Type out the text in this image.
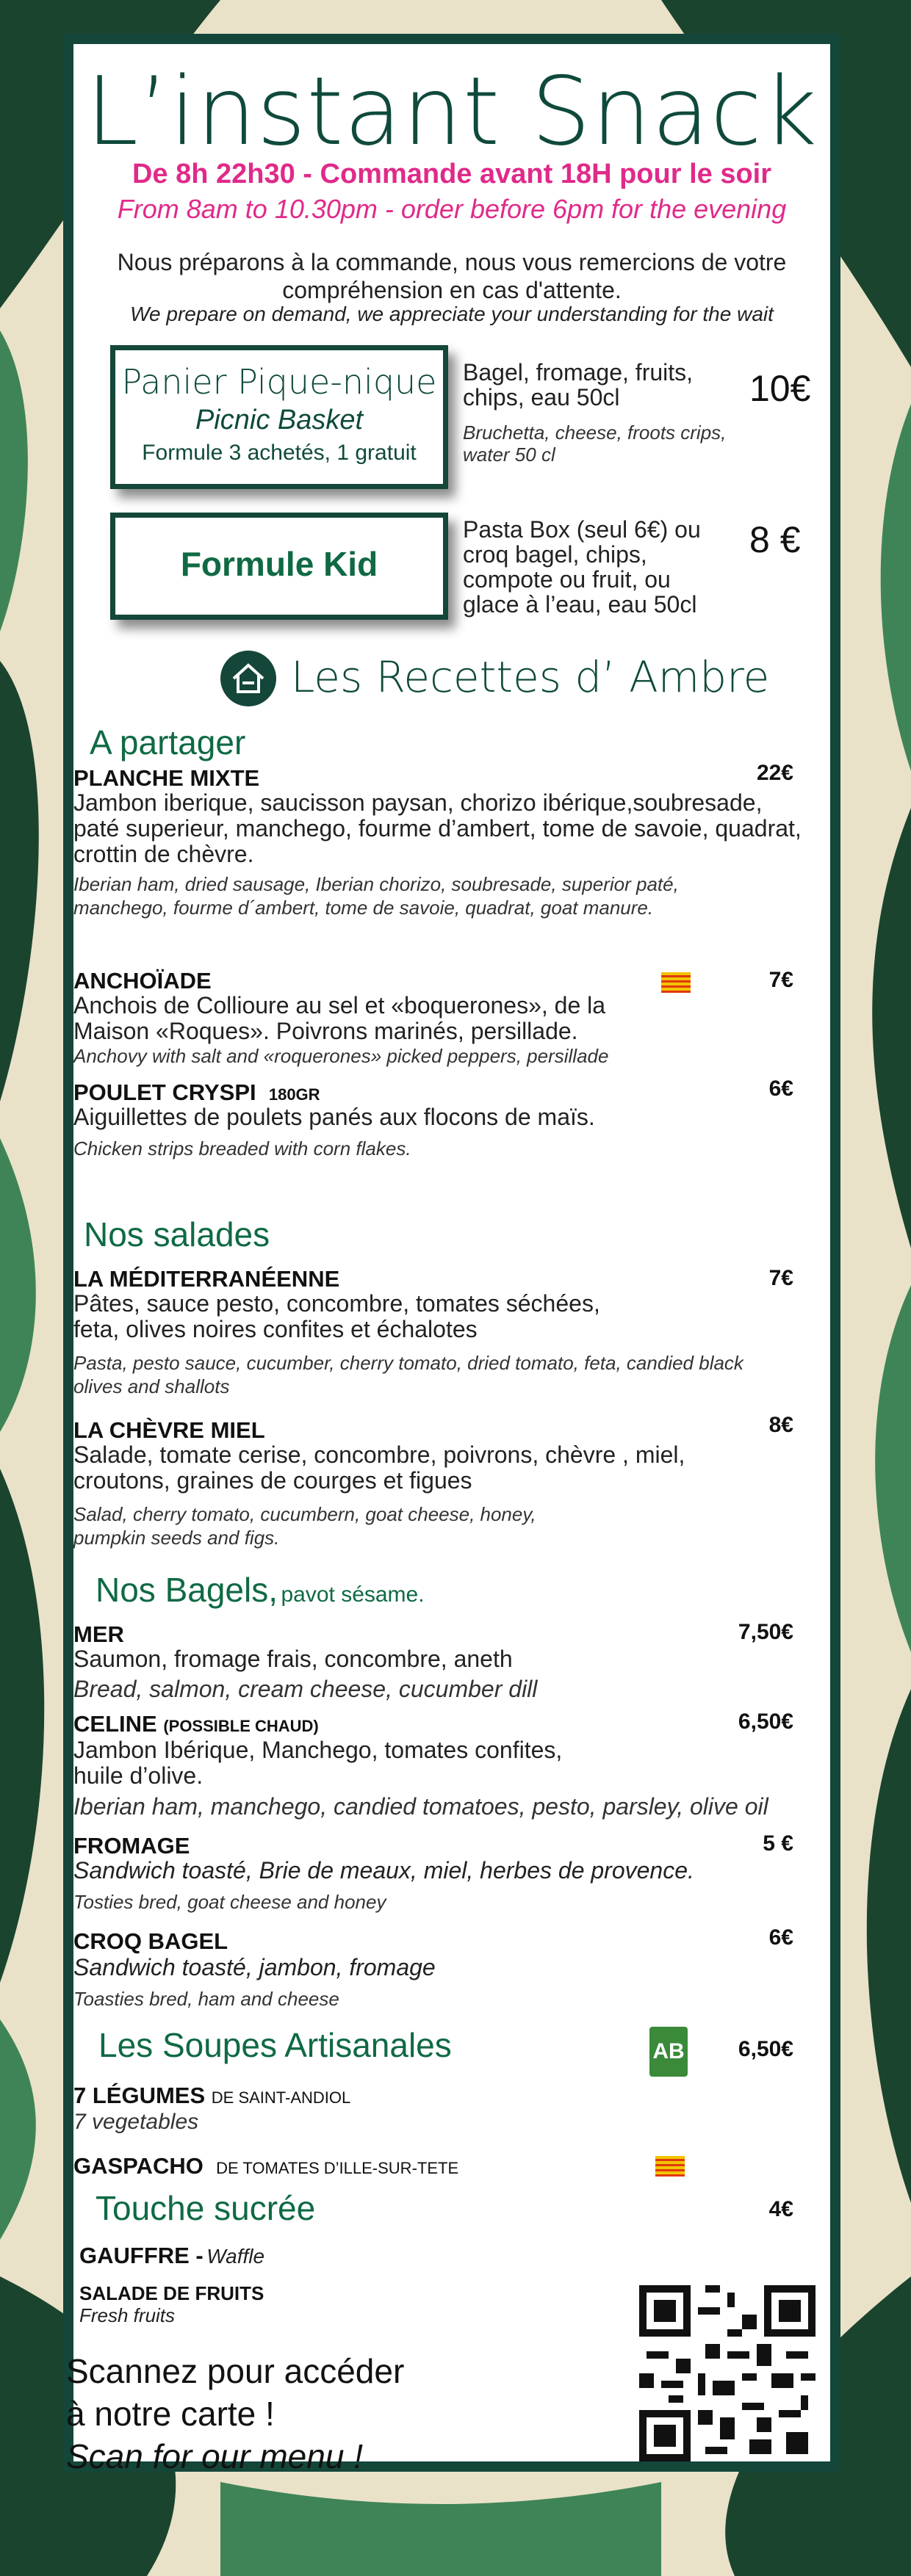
L’instant Snack
De 8h 22h30 - Commande avant 18H pour le soir
From 8am to 10.30pm - order before 6pm for the evening
Nous préparons à la commande, nous vous remercions de votre compréhension en cas d'attente.
We prepare on demand, we appreciate your understanding for the wait
Panier Pique-nique
Picnic Basket
Formule 3 achetés, 1 gratuit
Bagel, fromage, fruits, chips, eau 50cl
Bruchetta, cheese, froots crips, water 50 cl
10€
Formule Kid
Pasta Box (seul 6€) ou croq bagel, chips, compote ou fruit, ou glace à l’eau, eau 50cl
8 €
Les Recettes d’ Ambre
A partager
PLANCHE MIXTE	22€
Jambon iberique, saucisson paysan, chorizo ibérique,soubresade, paté superieur, manchego, fourme d’ambert, tome de savoie, quadrat, crottin de chèvre.
Iberian ham, dried sausage, Iberian chorizo, soubresade, superior paté, manchego, fourme d´ambert, tome de savoie, quadrat, goat manure.
ANCHOÏADE	7€
Anchois de Collioure au sel et «boquerones», de la Maison «Roques». Poivrons marinés, persillade.
Anchovy with salt and «roquerones» picked peppers, persillade
POULET CRYSPI 180GR	6€
Aiguillettes de poulets panés aux flocons de maïs.
Chicken strips breaded with corn flakes.
Nos salades
LA MÉDITERRANÉENNE	7€
Pâtes, sauce pesto, concombre, tomates séchées, feta, olives noires confites et échalotes
Pasta, pesto sauce, cucumber, cherry tomato, dried tomato, feta, candied black olives and shallots
LA CHÈVRE MIEL	8€
Salade, tomate cerise, concombre, poivrons, chèvre , miel, croutons, graines de courges et figues
Salad, cherry tomato, cucumbern, goat cheese, honey, pumpkin seeds and figs.
Nos Bagels, pavot sésame.
MER	7,50€
Saumon, fromage frais, concombre, aneth
Bread, salmon, cream cheese, cucumber dill
CELINE (POSSIBLE CHAUD)	6,50€
Jambon Ibérique, Manchego, tomates confites, huile d’olive.
Iberian ham, manchego, candied tomatoes, pesto, parsley, olive oil
FROMAGE	5 €
Sandwich toasté, Brie de meaux, miel, herbes de provence.
Tosties bred, goat cheese and honey
CROQ BAGEL	6€
Sandwich toasté, jambon, fromage
Toasties bred, ham and cheese
Les Soupes Artisanales	AB	6,50€
7 LÉGUMES DE SAINT-ANDIOL
7 vegetables
GASPACHO DE TOMATES D’ILLE-SUR-TETE
Touche sucrée	4€
GAUFFRE - Waffle
SALADE DE FRUITS
Fresh fruits
Scannez pour accéder
à notre carte !
Scan for our menu !
